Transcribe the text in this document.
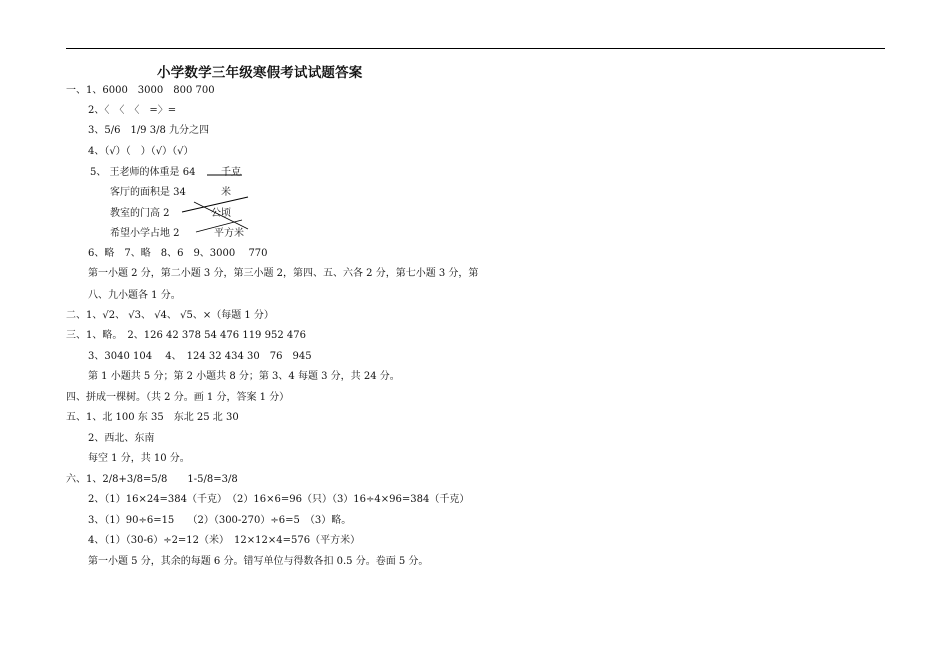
小学数学三年级寒假考试试题答案
一、1、6000　3000　800 700
2、〈　〈　〈　=〉=
3、5/6　1/9 3/8 九分之四
4、（√）（　）（√）（√）
5、 王老师的体重是 64	千克
客厅的面积是 34	米
教室的门高 2	公顷
希望小学占地 2	平方米
6、略　7、略　8、6　9、3000　 770
第一小题 2 分，第二小题 3 分，第三小题 2，第四、五、六各 2 分，第七小题 3 分，第
八、九小题各 1 分。
二、1、√2、 √3、 √4、 √5、×（每题 1 分）
三、1、略。　2、126 42 378 54 476 119 952 476
3、3040 104　 4、　124 32 434 30　76　945
第 1 小题共 5 分；第 2 小题共 8 分；第 3、4 每题 3 分，共 24 分。
四、拼成一棵树。（共 2 分。画 1 分，答案 1 分）
五、1、北 100 东 35　东北 25 北 30
2、西北、东南
每空 1 分，共 10 分。
六、1、2/8+3/8=5/8　　1-5/8=3/8
2、（1）16×24=384（千克）　（2）16×6=96（只）（3）16÷4×96=384（千克）
3、（1）90÷6=15　 （2）（300-270）÷6=5　（3）略。
4、（1）（30-6）÷2=12（米）　12×12×4=576（平方米）
第一小题 5 分，其余的每题 6 分。错写单位与得数各扣 0.5 分。卷面 5 分。
